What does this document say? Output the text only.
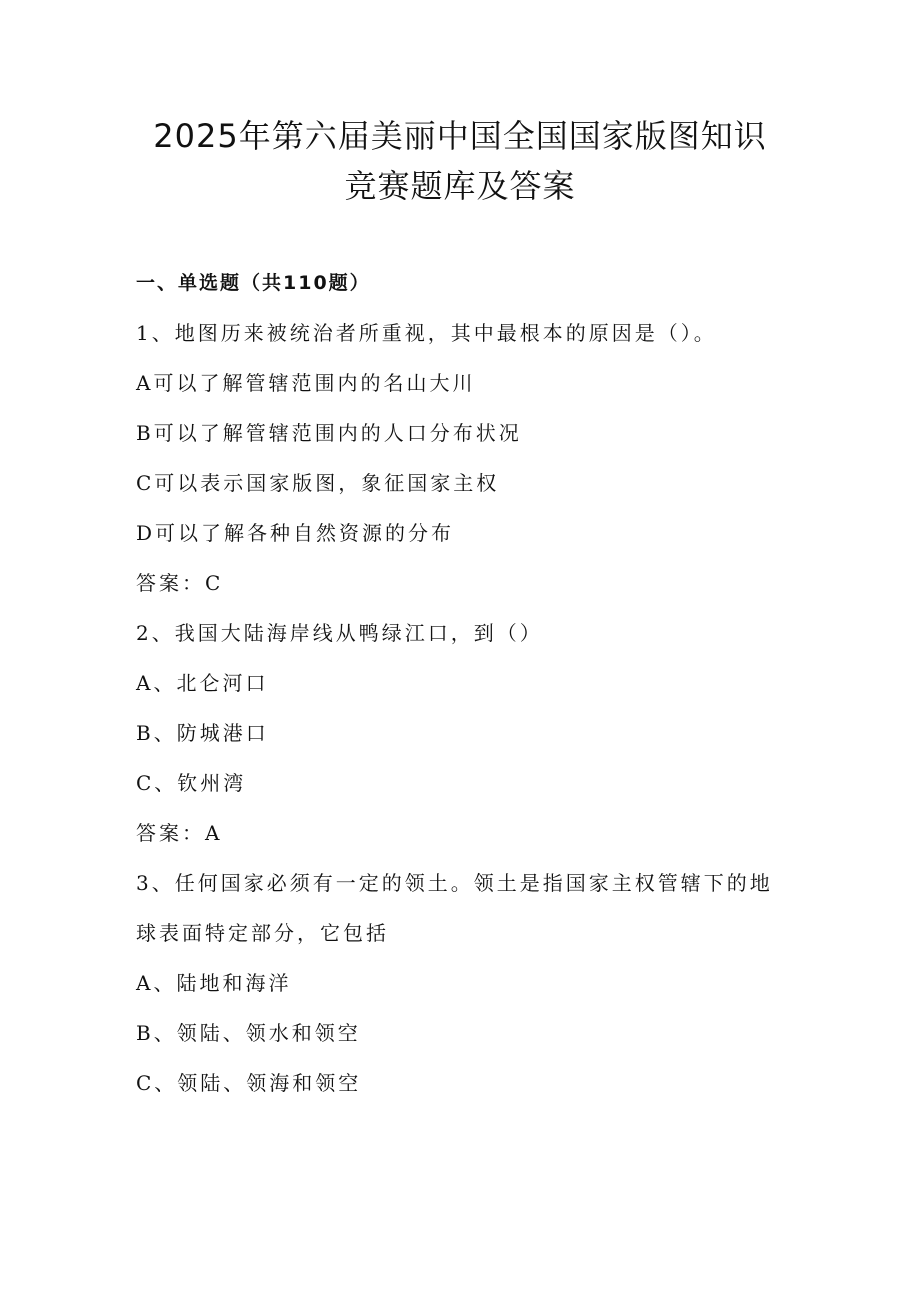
2025年第六届美丽中国全国国家版图知识
竞赛题库及答案
一、单选题（共110题）
1、地图历来被统治者所重视，其中最根本的原因是（）。
A可以了解管辖范围内的名山大川
B可以了解管辖范围内的人口分布状况
C可以表示国家版图，象征国家主权
D可以了解各种自然资源的分布
答案：C
2、我国大陆海岸线从鸭绿江口，到（）
A、北仑河口
B、防城港口
C、钦州湾
答案：A
3、任何国家必须有一定的领土。领土是指国家主权管辖下的地
球表面特定部分，它包括
A、陆地和海洋
B、领陆、领水和领空
C、领陆、领海和领空
